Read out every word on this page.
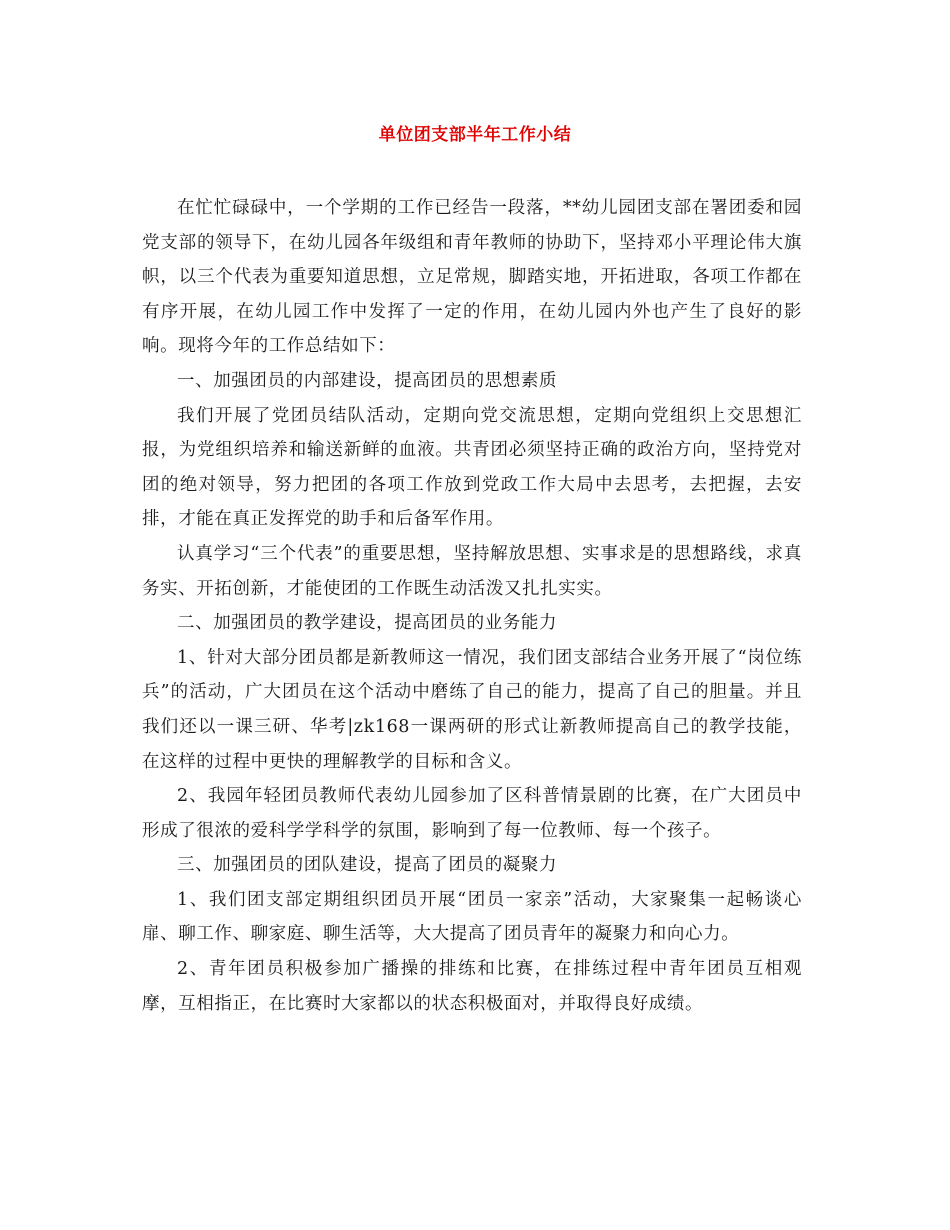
单位团支部半年工作小结

在忙忙碌碌中，一个学期的工作已经告一段落，**幼儿园团支部在署团委和园党支部的领导下，在幼儿园各年级组和青年教师的协助下，坚持邓小平理论伟大旗帜，以三个代表为重要知道思想，立足常规，脚踏实地，开拓进取，各项工作都在有序开展，在幼儿园工作中发挥了一定的作用，在幼儿园内外也产生了良好的影响。现将今年的工作总结如下：

一、加强团员的内部建设，提高团员的思想素质

我们开展了党团员结队活动，定期向党交流思想，定期向党组织上交思想汇报，为党组织培养和输送新鲜的血液。共青团必须坚持正确的政治方向，坚持党对团的绝对领导，努力把团的各项工作放到党政工作大局中去思考，去把握，去安排，才能在真正发挥党的助手和后备军作用。

认真学习“三个代表”的重要思想，坚持解放思想、实事求是的思想路线，求真务实、开拓创新，才能使团的工作既生动活泼又扎扎实实。

二、加强团员的教学建设，提高团员的业务能力

1、针对大部分团员都是新教师这一情况，我们团支部结合业务开展了“岗位练兵”的活动，广大团员在这个活动中磨练了自己的能力，提高了自己的胆量。并且我们还以一课三研、华考|zk168一课两研的形式让新教师提高自己的教学技能，在这样的过程中更快的理解教学的目标和含义。

2、我园年轻团员教师代表幼儿园参加了区科普情景剧的比赛，在广大团员中形成了很浓的爱科学学科学的氛围，影响到了每一位教师、每一个孩子。

三、加强团员的团队建设，提高了团员的凝聚力

1、我们团支部定期组织团员开展“团员一家亲”活动，大家聚集一起畅谈心扉、聊工作、聊家庭、聊生活等，大大提高了团员青年的凝聚力和向心力。

2、青年团员积极参加广播操的排练和比赛，在排练过程中青年团员互相观摩，互相指正，在比赛时大家都以的状态积极面对，并取得良好成绩。
